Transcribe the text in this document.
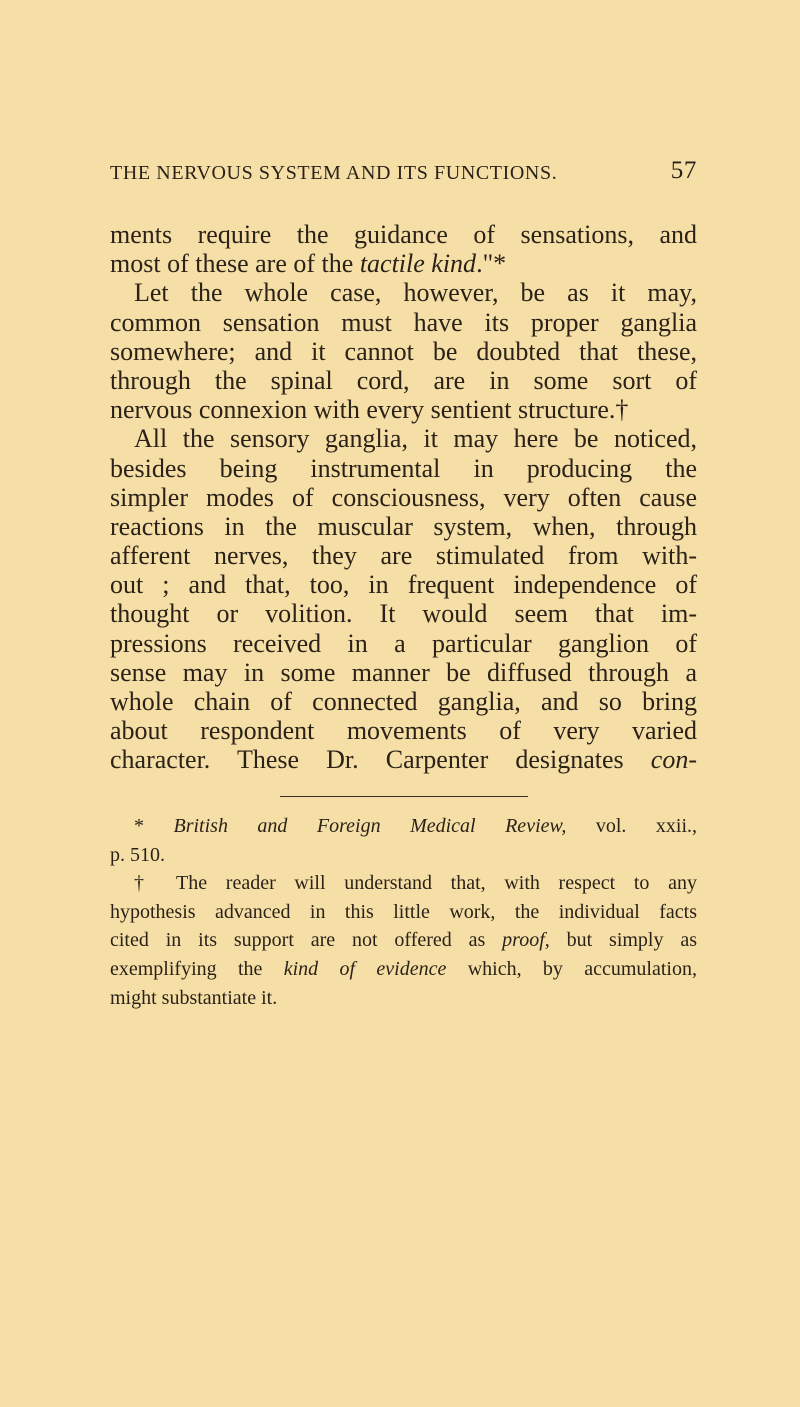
THE NERVOUS SYSTEM AND ITS FUNCTIONS.	57
ments require the guidance of sensations, and
most of these are of the tactile kind."*
Let the whole case, however, be as it may,
common sensation must have its proper ganglia
somewhere; and it cannot be doubted that these,
through the spinal cord, are in some sort of
nervous connexion with every sentient structure.†
All the sensory ganglia, it may here be noticed,
besides being instrumental in producing the
simpler modes of consciousness, very often cause
reactions in the muscular system, when, through
afferent nerves, they are stimulated from with-
out ; and that, too, in frequent independence of
thought or volition. It would seem that im-
pressions received in a particular ganglion of
sense may in some manner be diffused through a
whole chain of connected ganglia, and so bring
about respondent movements of very varied
character. These Dr. Carpenter designates con-
* British and Foreign Medical Review, vol. xxii.,
p. 510.
† The reader will understand that, with respect to any
hypothesis advanced in this little work, the individual facts
cited in its support are not offered as proof, but simply as
exemplifying the kind of evidence which, by accumulation,
might substantiate it.
